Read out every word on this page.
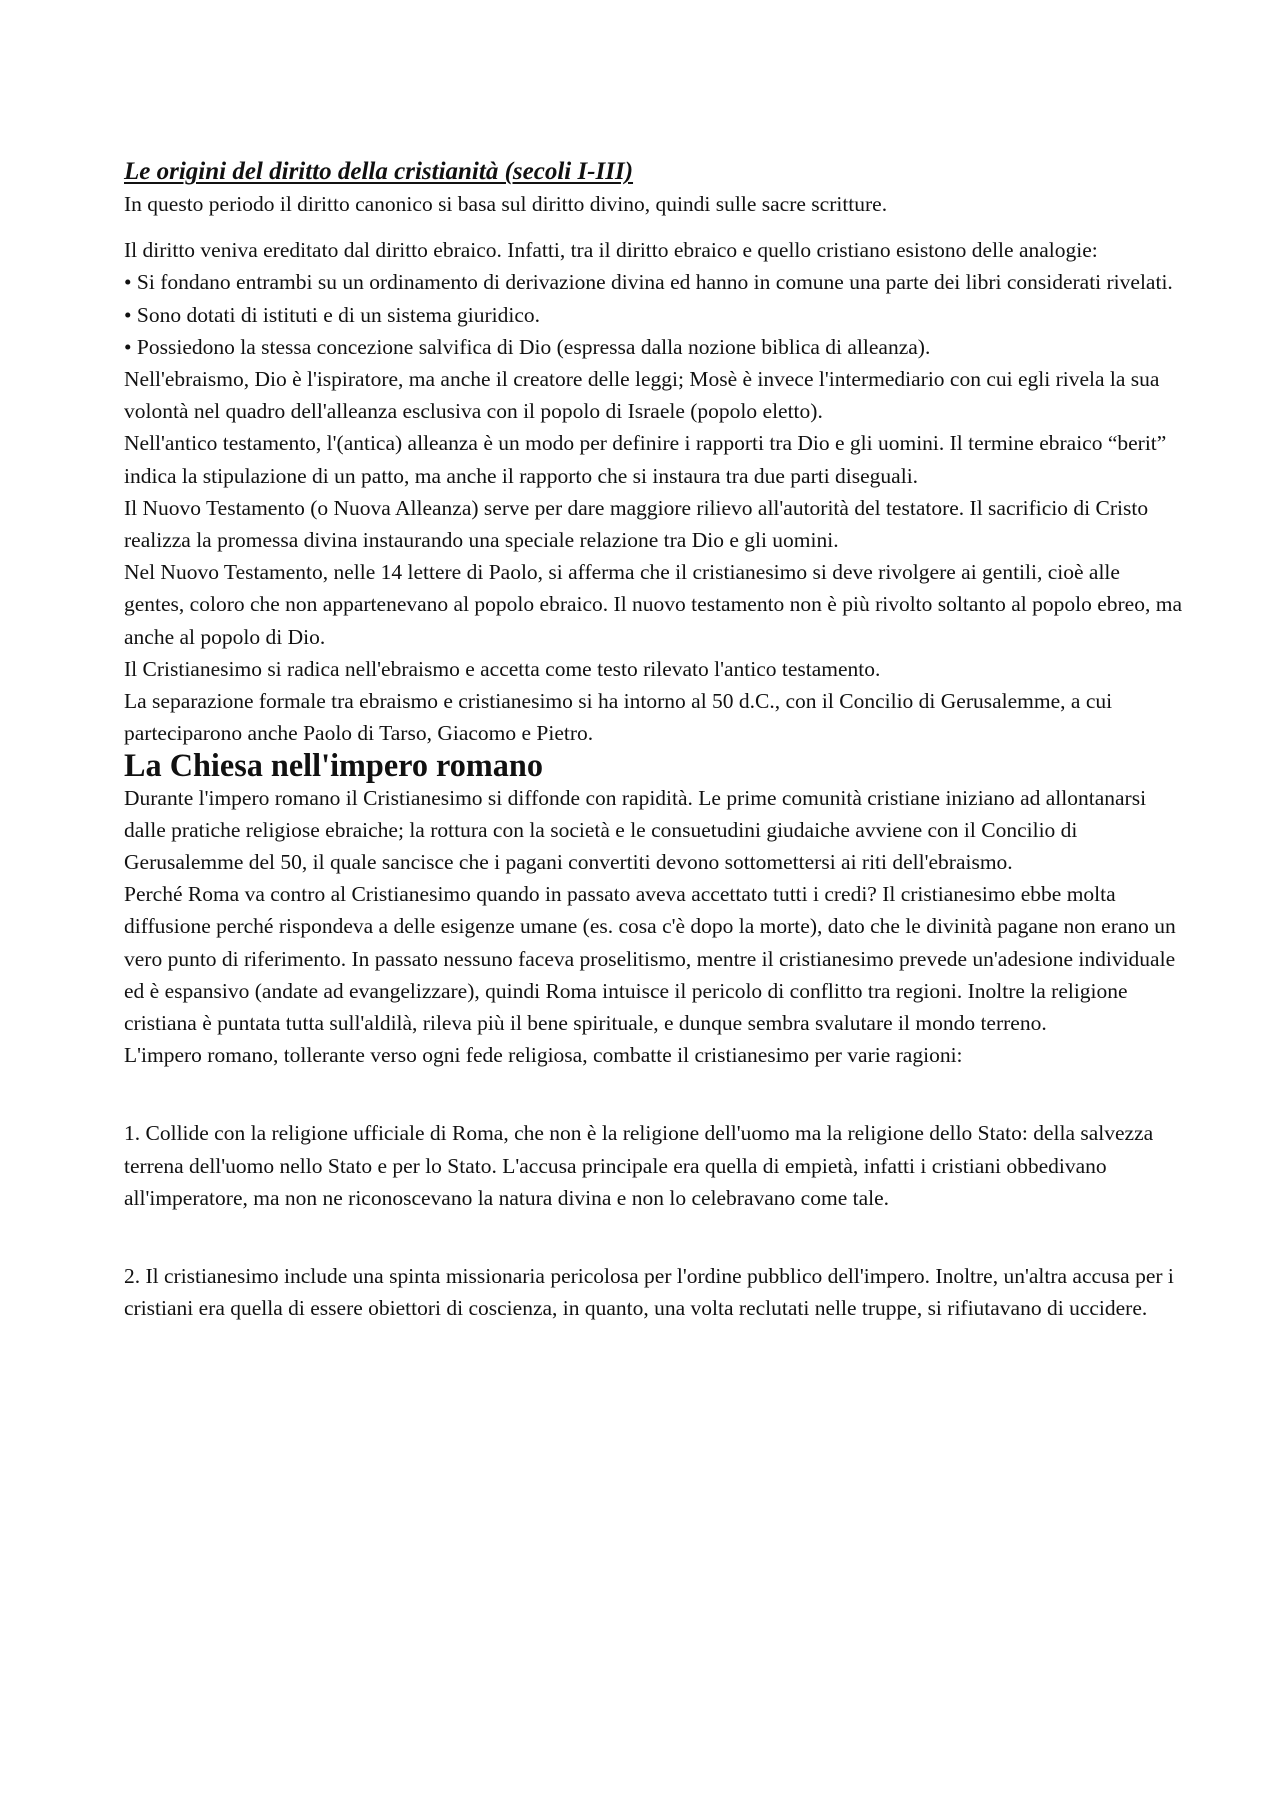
Le origini del diritto della cristianità (secoli I-III)

In questo periodo il diritto canonico si basa sul diritto divino, quindi sulle sacre scritture.

Il diritto veniva ereditato dal diritto ebraico. Infatti, tra il diritto ebraico e quello cristiano esistono delle analogie:

• Si fondano entrambi su un ordinamento di derivazione divina ed hanno in comune una parte dei libri considerati rivelati.

• Sono dotati di istituti e di un sistema giuridico.

• Possiedono la stessa concezione salvifica di Dio (espressa dalla nozione biblica di alleanza).

Nell'ebraismo, Dio è l'ispiratore, ma anche il creatore delle leggi; Mosè è invece l'intermediario con cui egli rivela la sua volontà nel quadro dell'alleanza esclusiva con il popolo di Israele (popolo eletto).

Nell'antico testamento, l'(antica) alleanza è un modo per definire i rapporti tra Dio e gli uomini. Il termine ebraico “berit” indica la stipulazione di un patto, ma anche il rapporto che si instaura tra due parti diseguali.

Il Nuovo Testamento (o Nuova Alleanza) serve per dare maggiore rilievo all'autorità del testatore. Il sacrificio di Cristo realizza la promessa divina instaurando una speciale relazione tra Dio e gli uomini.

Nel Nuovo Testamento, nelle 14 lettere di Paolo, si afferma che il cristianesimo si deve rivolgere ai gentili, cioè alle gentes, coloro che non appartenevano al popolo ebraico. Il nuovo testamento non è più rivolto soltanto al popolo ebreo, ma anche al popolo di Dio.

Il Cristianesimo si radica nell'ebraismo e accetta come testo rilevato l'antico testamento.

La separazione formale tra ebraismo e cristianesimo si ha intorno al 50 d.C., con il Concilio di Gerusalemme, a cui parteciparono anche Paolo di Tarso, Giacomo e Pietro.

La Chiesa nell'impero romano

Durante l'impero romano il Cristianesimo si diffonde con rapidità. Le prime comunità cristiane iniziano ad allontanarsi dalle pratiche religiose ebraiche; la rottura con la società e le consuetudini giudaiche avviene con il Concilio di Gerusalemme del 50, il quale sancisce che i pagani convertiti devono sottomettersi ai riti dell'ebraismo.

Perché Roma va contro al Cristianesimo quando in passato aveva accettato tutti i credi? Il cristianesimo ebbe molta diffusione perché rispondeva a delle esigenze umane (es. cosa c'è dopo la morte), dato che le divinità pagane non erano un vero punto di riferimento. In passato nessuno faceva proselitismo, mentre il cristianesimo prevede un'adesione individuale ed è espansivo (andate ad evangelizzare), quindi Roma intuisce il pericolo di conflitto tra regioni. Inoltre la religione cristiana è puntata tutta sull'aldilà, rileva più il bene spirituale, e dunque sembra svalutare il mondo terreno.

L'impero romano, tollerante verso ogni fede religiosa, combatte il cristianesimo per varie ragioni:

1. Collide con la religione ufficiale di Roma, che non è la religione dell'uomo ma la religione dello Stato: della salvezza terrena dell'uomo nello Stato e per lo Stato. L'accusa principale era quella di empietà, infatti i cristiani obbedivano all'imperatore, ma non ne riconoscevano la natura divina e non lo celebravano come tale.

2. Il cristianesimo include una spinta missionaria pericolosa per l'ordine pubblico dell'impero. Inoltre, un'altra accusa per i cristiani era quella di essere obiettori di coscienza, in quanto, una volta reclutati nelle truppe, si rifiutavano di uccidere.
